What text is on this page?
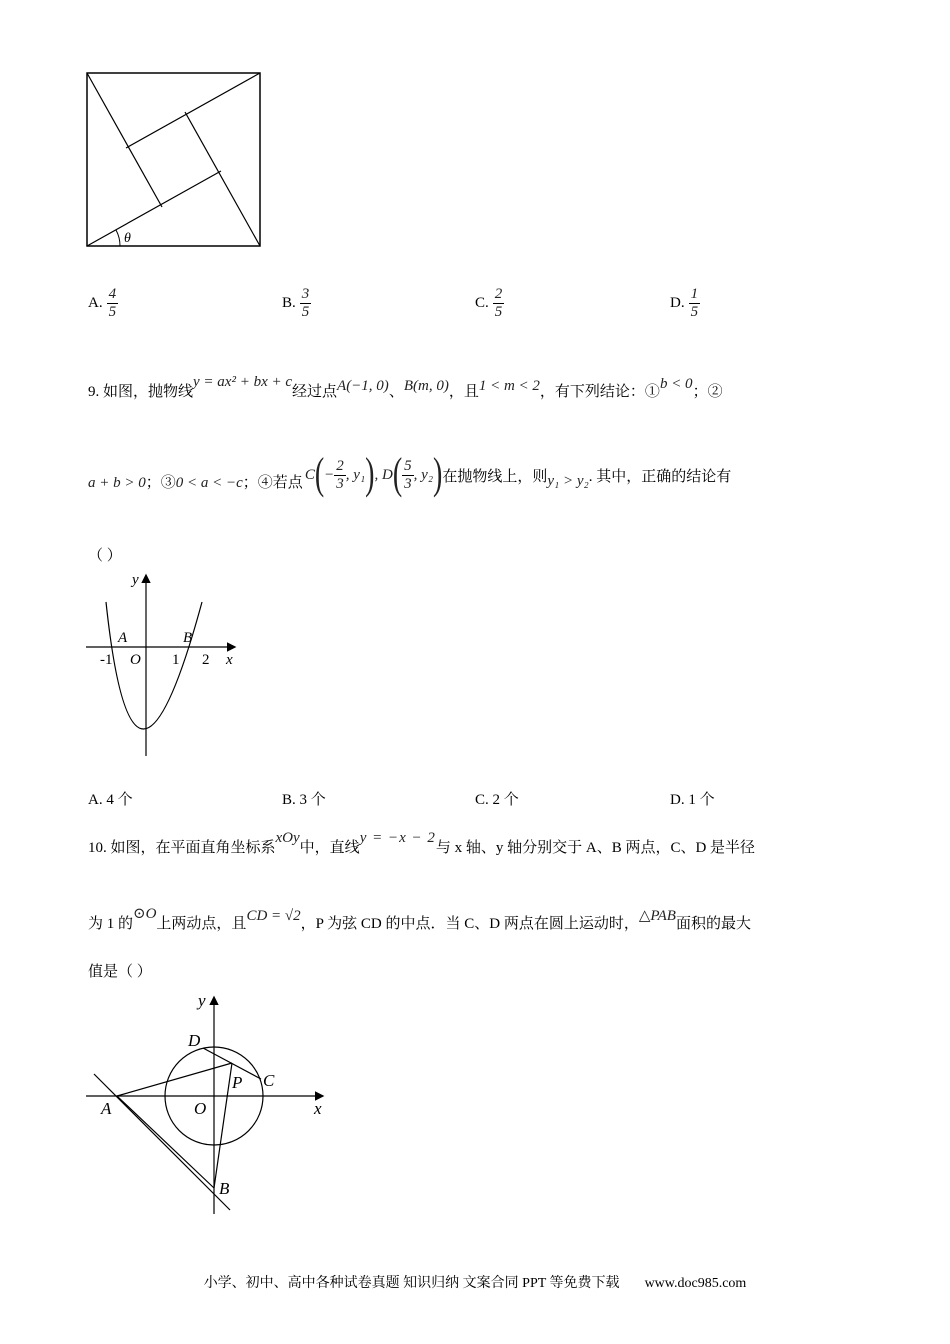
θ
A. $\frac{4}{5}$	B. $\frac{3}{5}$	C. $\frac{2}{5}$	D. $\frac{1}{5}$
9. 如图，抛物线y = ax² + bx + c经过点A(−1, 0)、B(m, 0)，且1 < m < 2，有下列结论：①b < 0；②
a + b > 0 ；③ 0 < a < −c ；④若点 C ( − $\frac{2}{3}$ , y₁ ) , D ( $\frac{5}{3}$ , y₂ ) 在抛物线上，则 y₁ > y₂ . 其中，正确的结论有
（ ）
y
x
A	B
O
-1	1 2
A. 4 个	B. 3 个	C. 2 个	D. 1 个
10. 如图，在平面直角坐标系xOy中，直线y = −x − 2与 x 轴、y 轴分别交于 A、B 两点，C、D 是半径
为 1 的⊙O上两动点，且CD = √2，P 为弦 CD 的中点．当 C、D 两点在圆上运动时，△PAB面积的最大
值是（ ）
y
x
D
P C
A	O
B
小学、初中、高中各种试卷真题 知识归纳 文案合同 PPT 等免费下载 www.doc985.com
